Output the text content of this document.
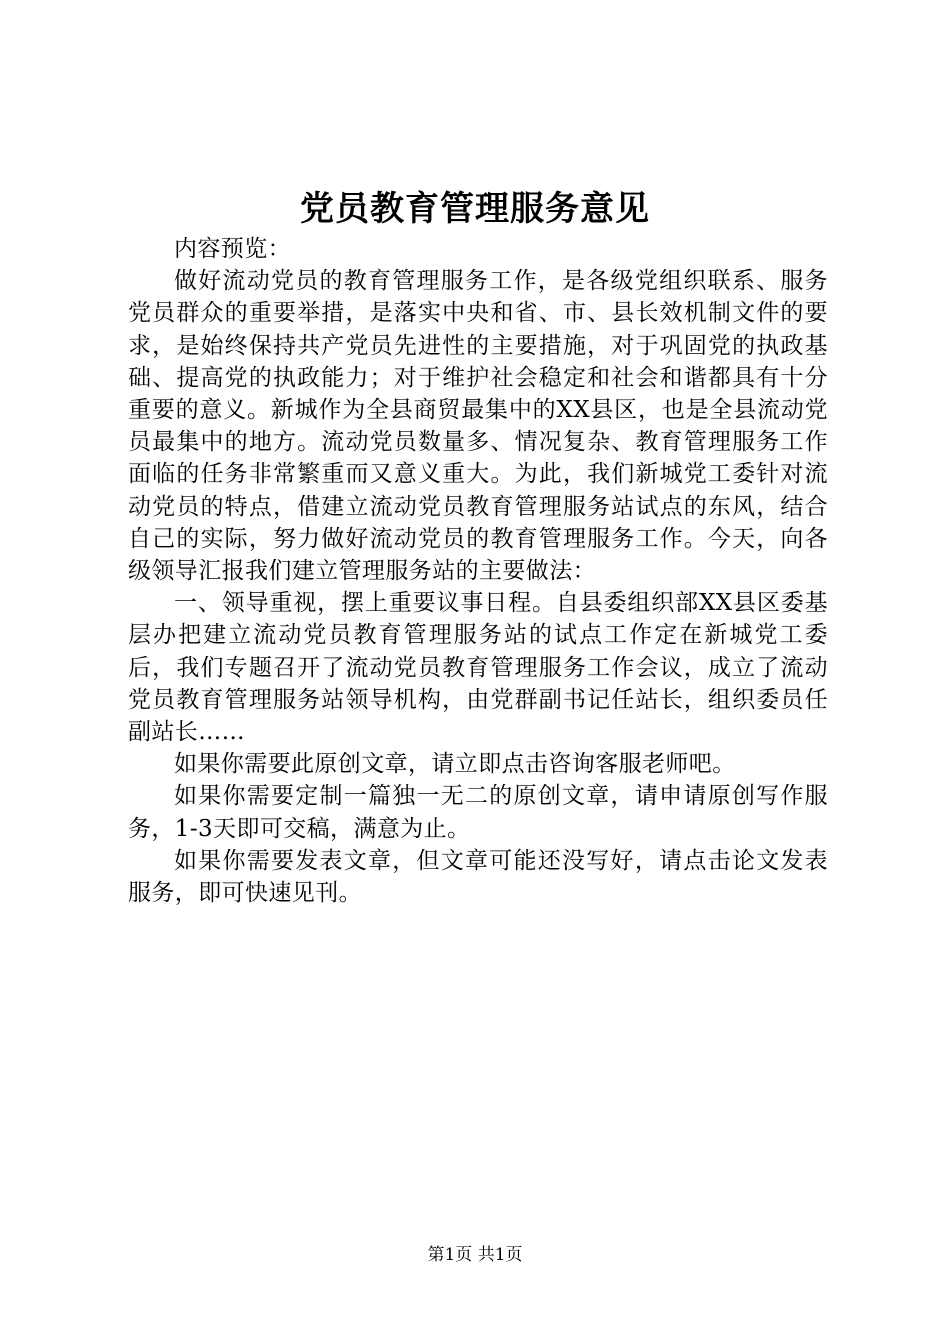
党员教育管理服务意见

内容预览：

做好流动党员的教育管理服务工作，是各级党组织联系、服务党员群众的重要举措，是落实中央和省、市、县长效机制文件的要求，是始终保持共产党员先进性的主要措施，对于巩固党的执政基础、提高党的执政能力；对于维护社会稳定和社会和谐都具有十分重要的意义。新城作为全县商贸最集中的XX县区，也是全县流动党员最集中的地方。流动党员数量多、情况复杂、教育管理服务工作面临的任务非常繁重而又意义重大。为此，我们新城党工委针对流动党员的特点，借建立流动党员教育管理服务站试点的东风，结合自己的实际，努力做好流动党员的教育管理服务工作。今天，向各级领导汇报我们建立管理服务站的主要做法：

一、领导重视，摆上重要议事日程。自县委组织部XX县区委基层办把建立流动党员教育管理服务站的试点工作定在新城党工委后，我们专题召开了流动党员教育管理服务工作会议，成立了流动党员教育管理服务站领导机构，由党群副书记任站长，组织委员任副站长……

如果你需要此原创文章，请立即点击咨询客服老师吧。

如果你需要定制一篇独一无二的原创文章，请申请原创写作服务，1-3天即可交稿，满意为止。

如果你需要发表文章，但文章可能还没写好，请点击论文发表服务，即可快速见刊。

第1页 共1页
